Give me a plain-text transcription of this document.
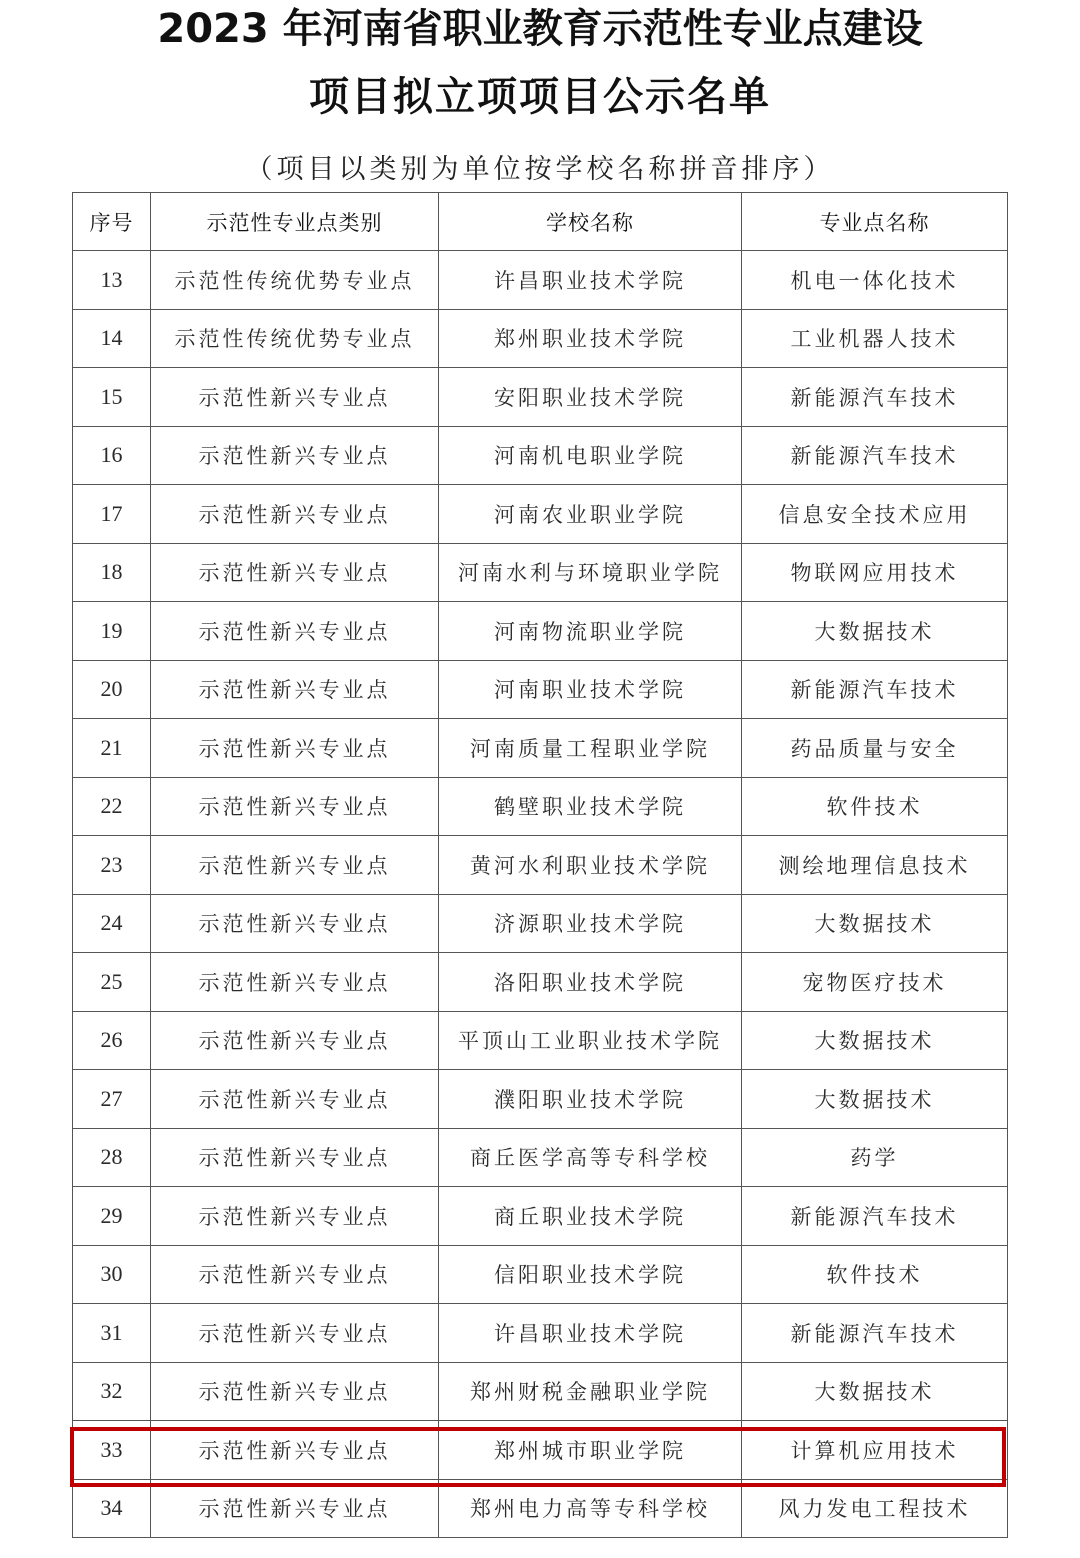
2023 年河南省职业教育示范性专业点建设
项目拟立项项目公示名单
（项目以类别为单位按学校名称拼音排序）
序号	示范性专业点类别	学校名称	专业点名称
13	示范性传统优势专业点	许昌职业技术学院	机电一体化技术
14	示范性传统优势专业点	郑州职业技术学院	工业机器人技术
15	示范性新兴专业点	安阳职业技术学院	新能源汽车技术
16	示范性新兴专业点	河南机电职业学院	新能源汽车技术
17	示范性新兴专业点	河南农业职业学院	信息安全技术应用
18	示范性新兴专业点	河南水利与环境职业学院	物联网应用技术
19	示范性新兴专业点	河南物流职业学院	大数据技术
20	示范性新兴专业点	河南职业技术学院	新能源汽车技术
21	示范性新兴专业点	河南质量工程职业学院	药品质量与安全
22	示范性新兴专业点	鹤壁职业技术学院	软件技术
23	示范性新兴专业点	黄河水利职业技术学院	测绘地理信息技术
24	示范性新兴专业点	济源职业技术学院	大数据技术
25	示范性新兴专业点	洛阳职业技术学院	宠物医疗技术
26	示范性新兴专业点	平顶山工业职业技术学院	大数据技术
27	示范性新兴专业点	濮阳职业技术学院	大数据技术
28	示范性新兴专业点	商丘医学高等专科学校	药学
29	示范性新兴专业点	商丘职业技术学院	新能源汽车技术
30	示范性新兴专业点	信阳职业技术学院	软件技术
31	示范性新兴专业点	许昌职业技术学院	新能源汽车技术
32	示范性新兴专业点	郑州财税金融职业学院	大数据技术
33	示范性新兴专业点	郑州城市职业学院	计算机应用技术
34	示范性新兴专业点	郑州电力高等专科学校	风力发电工程技术
